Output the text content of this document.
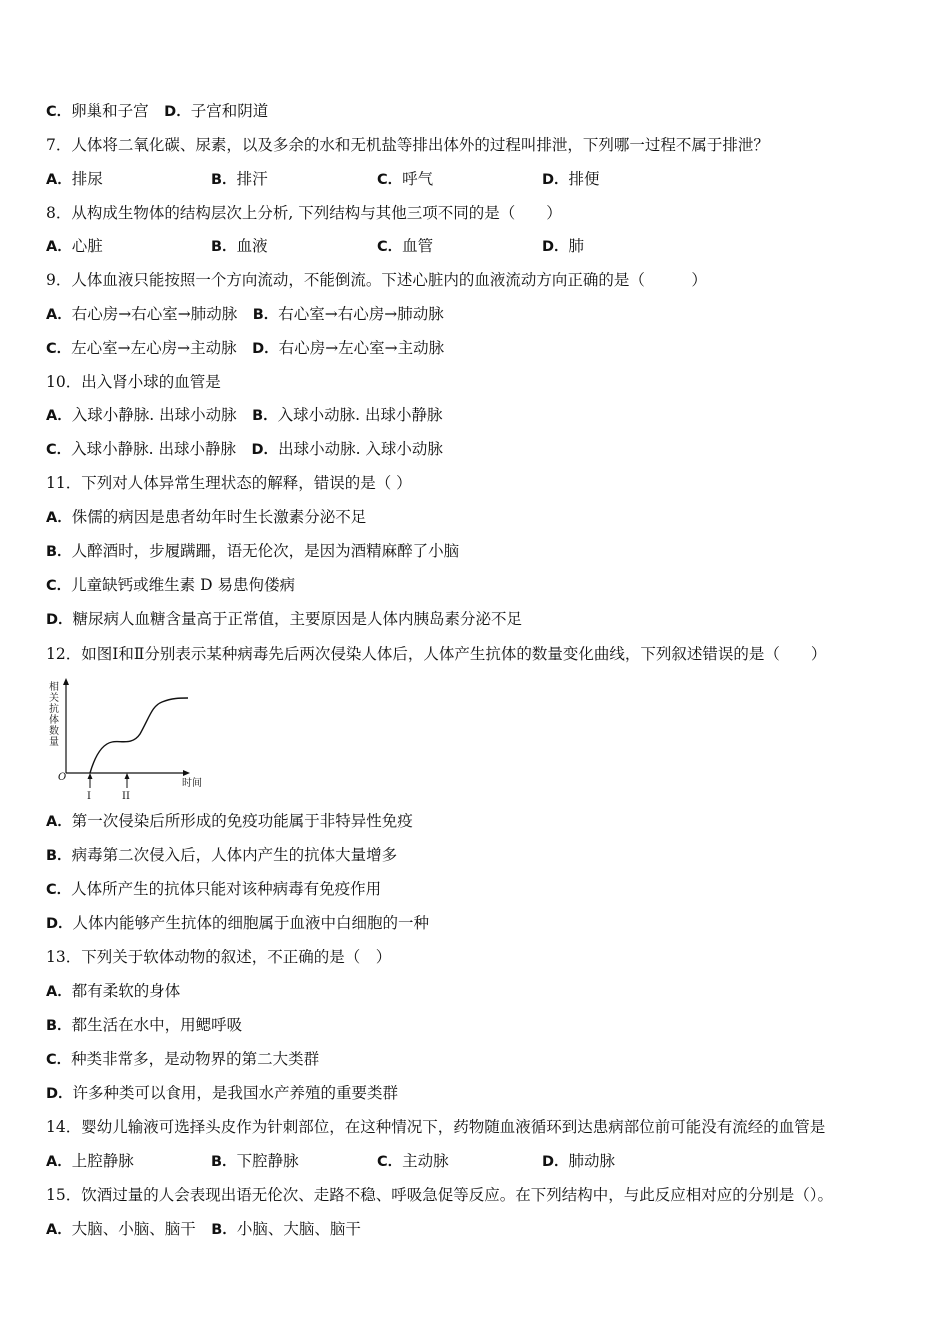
C．卵巢和子宫　D．子宫和阴道
7．人体将二氧化碳、尿素，以及多余的水和无机盐等排出体外的过程叫排泄，下列哪一过程不属于排泄？
A．排尿	B．排汗	C．呼气	D．排便
8．从构成生物体的结构层次上分析, 下列结构与其他三项不同的是（　　）
A．心脏	B．血液	C．血管	D．肺
9．人体血液只能按照一个方向流动，不能倒流。下述心脏内的血液流动方向正确的是（　　　）
A．右心房→右心室→肺动脉　B．右心室→右心房→肺动脉
C．左心室→左心房→主动脉　D．右心房→左心室→主动脉
10．出入肾小球的血管是
A．入球小静脉. 出球小动脉　B．入球小动脉. 出球小静脉
C．入球小静脉. 出球小静脉　D．出球小动脉. 入球小动脉
11．下列对人体异常生理状态的解释，错误的是（ ）
A．侏儒的病因是患者幼年时生长激素分泌不足
B．人醉酒时，步履蹒跚，语无伦次，是因为酒精麻醉了小脑
C．儿童缺钙或维生素 D 易患佝偻病
D．糖尿病人血糖含量高于正常值，主要原因是人体内胰岛素分泌不足
12．如图Ⅰ和Ⅱ分别表示某种病毒先后两次侵染人体后，人体产生抗体的数量变化曲线，下列叙述错误的是（　　）
相关抗体数量
O
I	II
时间
A．第一次侵染后所形成的免疫功能属于非特异性免疫
B．病毒第二次侵入后，人体内产生的抗体大量增多
C．人体所产生的抗体只能对该种病毒有免疫作用
D．人体内能够产生抗体的细胞属于血液中白细胞的一种
13．下列关于软体动物的叙述，不正确的是（　）
A．都有柔软的身体
B．都生活在水中，用鳃呼吸
C．种类非常多，是动物界的第二大类群
D．许多种类可以食用，是我国水产养殖的重要类群
14．婴幼儿输液可选择头皮作为针刺部位，在这种情况下，药物随血液循环到达患病部位前可能没有流经的血管是
A．上腔静脉	B．下腔静脉	C．主动脉	D．肺动脉
15．饮酒过量的人会表现出语无伦次、走路不稳、呼吸急促等反应。在下列结构中，与此反应相对应的分别是（）。
A．大脑、小脑、脑干　B．小脑、大脑、脑干
